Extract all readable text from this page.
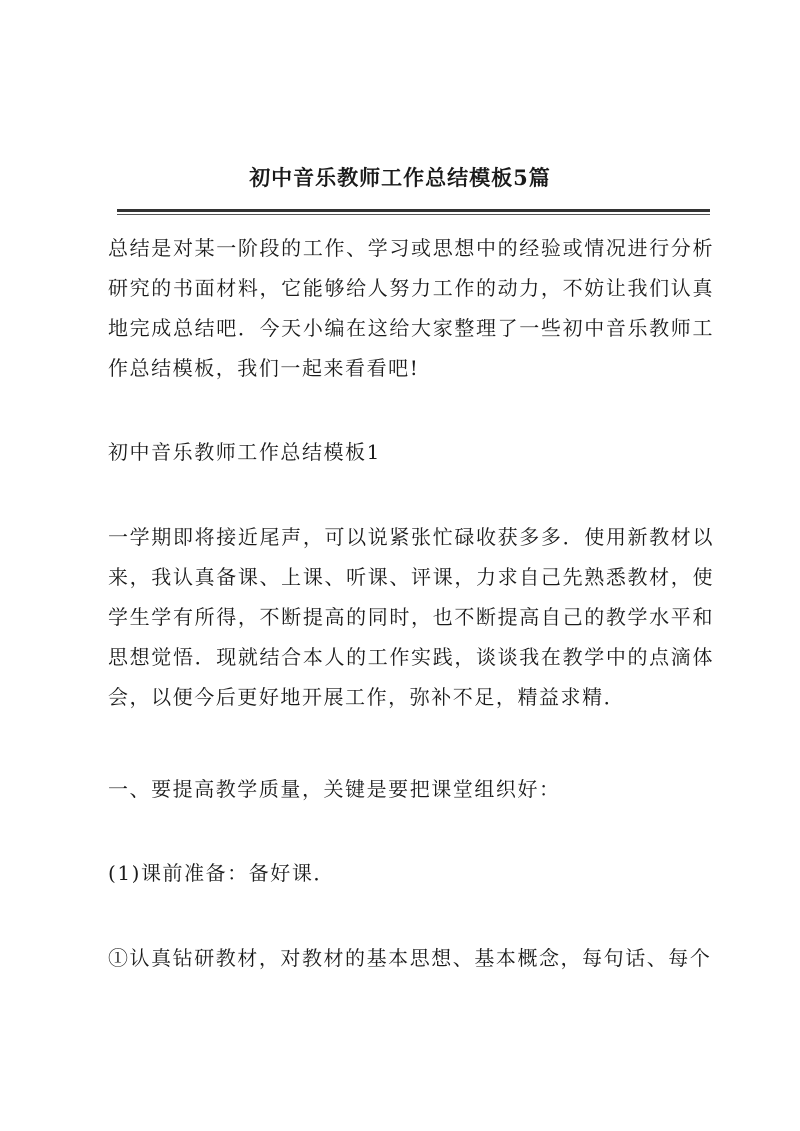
初中音乐教师工作总结模板5篇

总结是对某一阶段的工作、学习或思想中的经验或情况进行分析研究的书面材料，它能够给人努力工作的动力，不妨让我们认真地完成总结吧．今天小编在这给大家整理了一些初中音乐教师工作总结模板，我们一起来看看吧!

初中音乐教师工作总结模板1

一学期即将接近尾声，可以说紧张忙碌收获多多．使用新教材以来，我认真备课、上课、听课、评课，力求自己先熟悉教材，使学生学有所得，不断提高的同时，也不断提高自己的教学水平和思想觉悟．现就结合本人的工作实践，谈谈我在教学中的点滴体会，以便今后更好地开展工作，弥补不足，精益求精．

一、要提高教学质量，关键是要把课堂组织好：

(1)课前准备：备好课．

①认真钻研教材，对教材的基本思想、基本概念，每句话、每个
